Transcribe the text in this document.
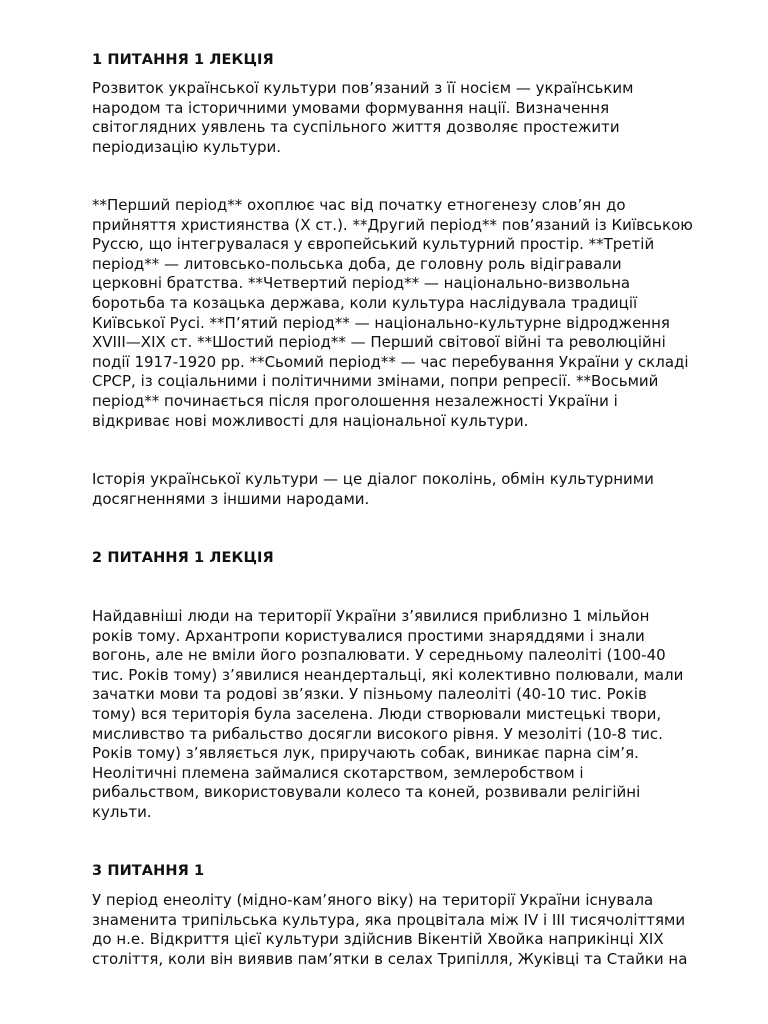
1 ПИТАННЯ 1 ЛЕКЦІЯ

Розвиток української культури пов’язаний з її носієм — українським
народом та історичними умовами формування нації. Визначення
світоглядних уявлень та суспільного життя дозволяє простежити
періодизацію культури.

**Перший період** охоплює час від початку етногенезу слов’ян до
прийняття християнства (X ст.). **Другий період** пов’язаний із Київською
Руссю, що інтегрувалася у європейський культурний простір. **Третій
період** — литовсько-польська доба, де головну роль відігравали
церковні братства. **Четвертий період** — національно-визвольна
боротьба та козацька держава, коли культура наслідувала традиції
Київської Русі. **П’ятий період** — національно-культурне відродження
XVIII—XIX ст. **Шостий період** — Перший світової війні та революційні
події 1917-1920 рр. **Сьомий період** — час перебування України у складі
СРСР, із соціальними і політичними змінами, попри репресії. **Восьмий
період** починається після проголошення незалежності України і
відкриває нові можливості для національної культури.

Історія української культури — це діалог поколінь, обмін культурними
досягненнями з іншими народами.

2 ПИТАННЯ 1 ЛЕКЦІЯ

Найдавніші люди на території України з’явилися приблизно 1 мільйон
років тому. Архантропи користувалися простими знаряддями і знали
вогонь, але не вміли його розпалювати. У середньому палеоліті (100-40
тис. Років тому) з’явилися неандертальці, які колективно полювали, мали
зачатки мови та родові зв’язки. У пізньому палеоліті (40-10 тис. Років
тому) вся територія була заселена. Люди створювали мистецькі твори,
мисливство та рибальство досягли високого рівня. У мезоліті (10-8 тис.
Років тому) з’являється лук, приручають собак, виникає парна сім’я.
Неолітичні племена займалися скотарством, землеробством і
рибальством, використовували колесо та коней, розвивали релігійні
культи.

3 ПИТАННЯ 1

У період енеоліту (мідно-кам’яного віку) на території України існувала
знаменита трипільська культура, яка процвітала між IV і III тисячоліттями
до н.е. Відкриття цієї культури здійснив Вікентій Хвойка наприкінці XIX
століття, коли він виявив пам’ятки в селах Трипілля, Жуківці та Стайки на
